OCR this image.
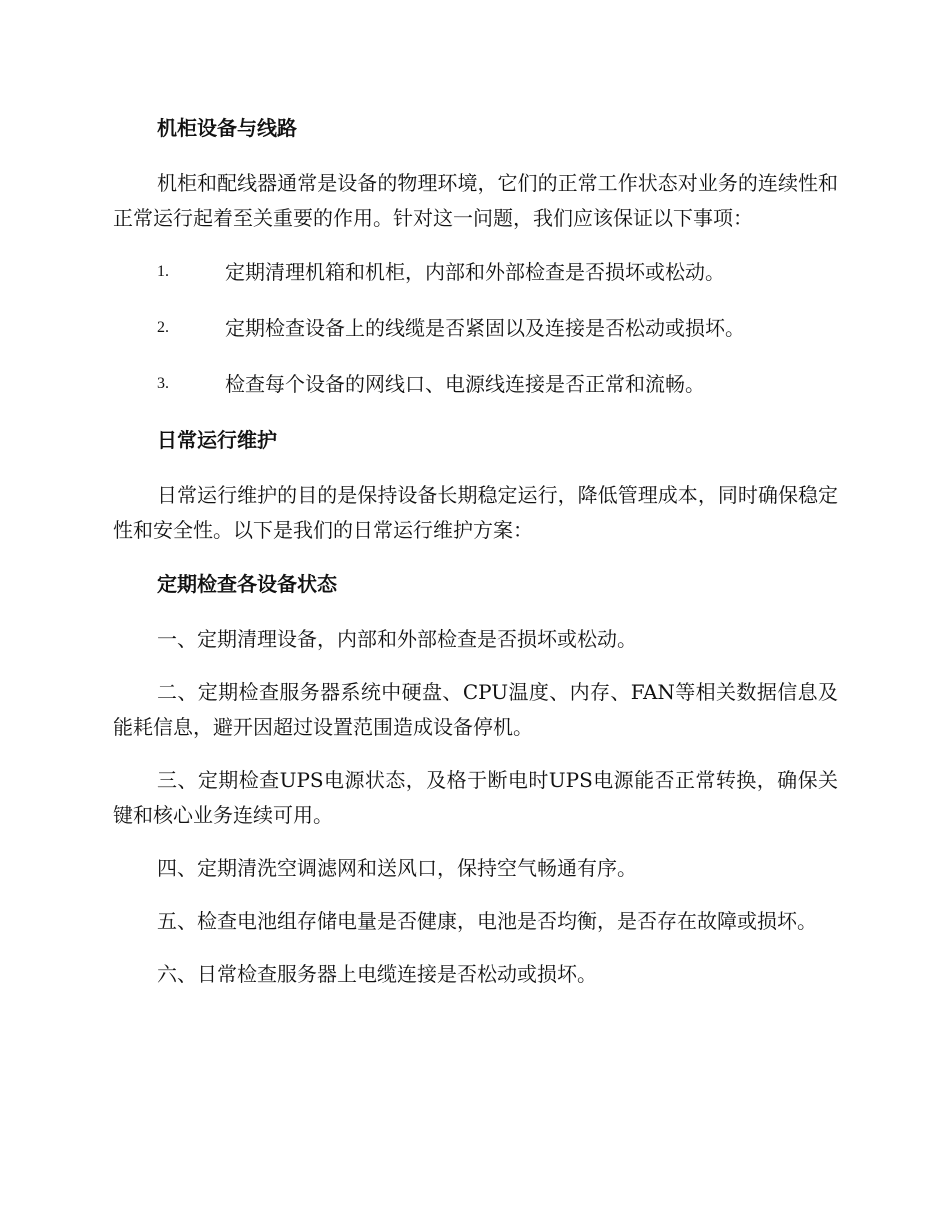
机柜设备与线路
机柜和配线器通常是设备的物理环境，它们的正常工作状态对业务的连续性和正常运行起着至关重要的作用。针对这一问题，我们应该保证以下事项：
1.	定期清理机箱和机柜，内部和外部检查是否损坏或松动。
2.	定期检查设备上的线缆是否紧固以及连接是否松动或损坏。
3.	检查每个设备的网线口、电源线连接是否正常和流畅。
日常运行维护
日常运行维护的目的是保持设备长期稳定运行，降低管理成本，同时确保稳定性和安全性。以下是我们的日常运行维护方案：
定期检查各设备状态
一、定期清理设备，内部和外部检查是否损坏或松动。
二、定期检查服务器系统中硬盘、CPU温度、内存、FAN等相关数据信息及能耗信息，避开因超过设置范围造成设备停机。
三、定期检查UPS电源状态，及格于断电时UPS电源能否正常转换，确保关键和核心业务连续可用。
四、定期清洗空调滤网和送风口，保持空气畅通有序。
五、检查电池组存储电量是否健康，电池是否均衡，是否存在故障或损坏。
六、日常检查服务器上电缆连接是否松动或损坏。
